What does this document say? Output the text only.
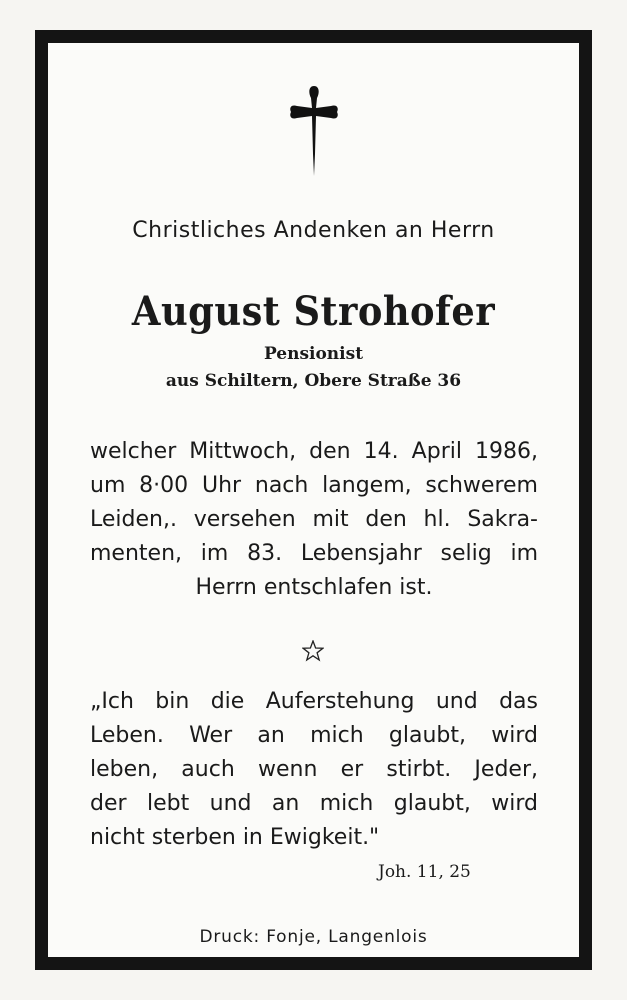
Christliches Andenken an Herrn
August Strohofer
Pensionist
aus Schiltern, Obere Straße 36
welcher Mittwoch, den 14. April 1986,
um 8·00 Uhr nach langem, schwerem
Leiden,. versehen mit den hl. Sakra-
menten, im 83. Lebensjahr selig im
Herrn entschlafen ist.
„Ich bin die Auferstehung und das
Leben. Wer an mich glaubt, wird
leben, auch wenn er stirbt. Jeder,
der lebt und an mich glaubt, wird
nicht sterben in Ewigkeit."
Joh. 11, 25
Druck: Fonje, Langenlois
